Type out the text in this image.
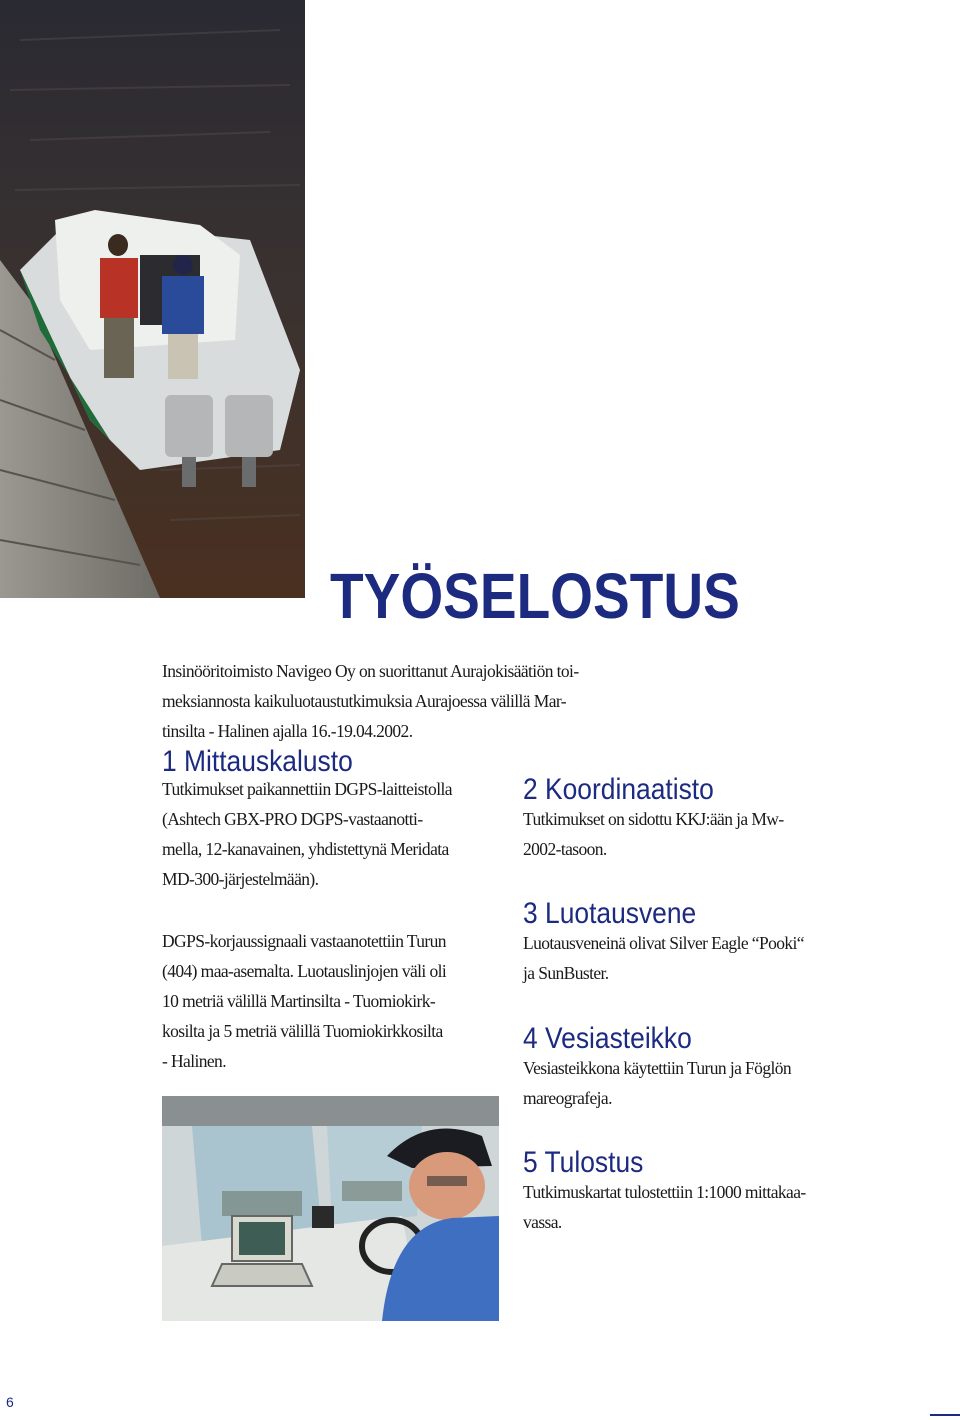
TYÖSELOSTUS

Insinööritoimisto Navigeo Oy on suorittanut Aurajokisäätiön toi-
meksiannosta kaikuluotaustutkimuksia Aurajoessa välillä Mar-
tinsilta - Halinen ajalla 16.-19.04.2002.

1 Mittauskalusto

Tutkimukset paikannettiin DGPS-laitteistolla
(Ashtech GBX-PRO DGPS-vastaanotti-
mella, 12-kanavainen, yhdistettynä Meridata
MD-300-järjestelmään).

DGPS-korjaussignaali vastaanotettiin Turun
(404) maa-asemalta. Luotauslinjojen väli oli
10 metriä välillä Martinsilta - Tuomiokirk-
kosilta ja 5 metriä välillä Tuomiokirkkosilta
- Halinen.

2 Koordinaatisto

Tutkimukset on sidottu KKJ:ään ja Mw-
2002-tasoon.

3 Luotausvene

Luotausveneinä olivat Silver Eagle “Pooki“
ja SunBuster.

4 Vesiasteikko

Vesiasteikkona käytettiin Turun ja Föglön
mareografeja.

5 Tulostus

Tutkimuskartat tulostettiin 1:1000 mittakaa-
vassa.

6
